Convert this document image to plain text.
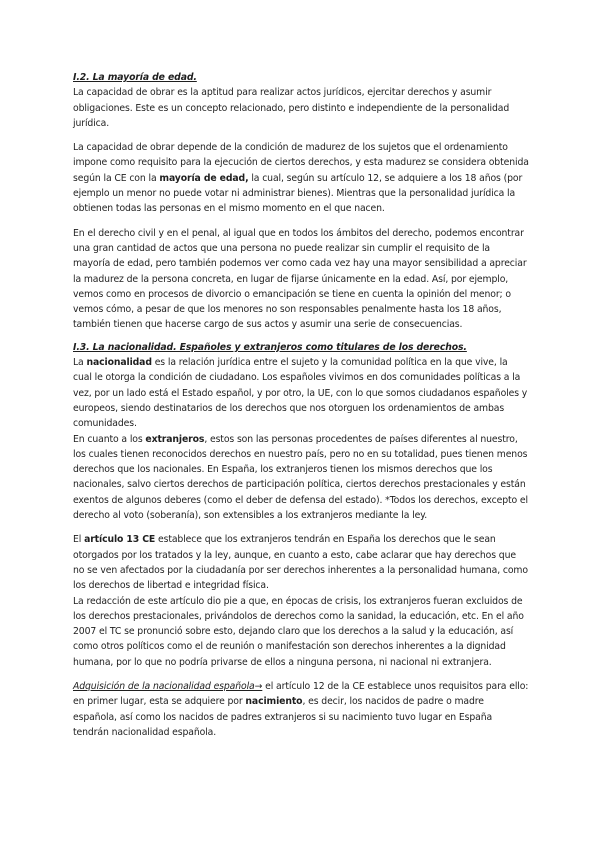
I.2. La mayoría de edad.

La capacidad de obrar es la aptitud para realizar actos jurídicos, ejercitar derechos y asumir obligaciones. Este es un concepto relacionado, pero distinto e independiente de la personalidad jurídica.

La capacidad de obrar depende de la condición de madurez de los sujetos que el ordenamiento impone como requisito para la ejecución de ciertos derechos, y esta madurez se considera obtenida según la CE con la mayoría de edad, la cual, según su artículo 12, se adquiere a los 18 años (por ejemplo un menor no puede votar ni administrar bienes). Mientras que la personalidad jurídica la obtienen todas las personas en el mismo momento en el que nacen.

En el derecho civil y en el penal, al igual que en todos los ámbitos del derecho, podemos encontrar una gran cantidad de actos que una persona no puede realizar sin cumplir el requisito de la mayoría de edad, pero también podemos ver como cada vez hay una mayor sensibilidad a apreciar la madurez de la persona concreta, en lugar de fijarse únicamente en la edad. Así, por ejemplo, vemos como en procesos de divorcio o emancipación se tiene en cuenta la opinión del menor; o vemos cómo, a pesar de que los menores no son responsables penalmente hasta los 18 años, también tienen que hacerse cargo de sus actos y asumir una serie de consecuencias.

I.3. La nacionalidad. Españoles y extranjeros como titulares de los derechos.

La nacionalidad es la relación jurídica entre el sujeto y la comunidad política en la que vive, la cual le otorga la condición de ciudadano. Los españoles vivimos en dos comunidades políticas a la vez, por un lado está el Estado español, y por otro, la UE, con lo que somos ciudadanos españoles y europeos, siendo destinatarios de los derechos que nos otorguen los ordenamientos de ambas comunidades.

En cuanto a los extranjeros, estos son las personas procedentes de países diferentes al nuestro, los cuales tienen reconocidos derechos en nuestro país, pero no en su totalidad, pues tienen menos derechos que los nacionales. En España, los extranjeros tienen los mismos derechos que los nacionales, salvo ciertos derechos de participación política, ciertos derechos prestacionales y están exentos de algunos deberes (como el deber de defensa del estado). *Todos los derechos, excepto el derecho al voto (soberanía), son extensibles a los extranjeros mediante la ley.

El artículo 13 CE establece que los extranjeros tendrán en España los derechos que le sean otorgados por los tratados y la ley, aunque, en cuanto a esto, cabe aclarar que hay derechos que no se ven afectados por la ciudadanía por ser derechos inherentes a la personalidad humana, como los derechos de libertad e integridad física.

La redacción de este artículo dio pie a que, en épocas de crisis, los extranjeros fueran excluidos de los derechos prestacionales, privándolos de derechos como la sanidad, la educación, etc. En el año 2007 el TC se pronunció sobre esto, dejando claro que los derechos a la salud y la educación, así como otros políticos como el de reunión o manifestación son derechos inherentes a la dignidad humana, por lo que no podría privarse de ellos a ninguna persona, ni nacional ni extranjera.

Adquisición de la nacionalidad española→ el artículo 12 de la CE establece unos requisitos para ello: en primer lugar, esta se adquiere por nacimiento, es decir, los nacidos de padre o madre española, así como los nacidos de padres extranjeros si su nacimiento tuvo lugar en España tendrán nacionalidad española.
